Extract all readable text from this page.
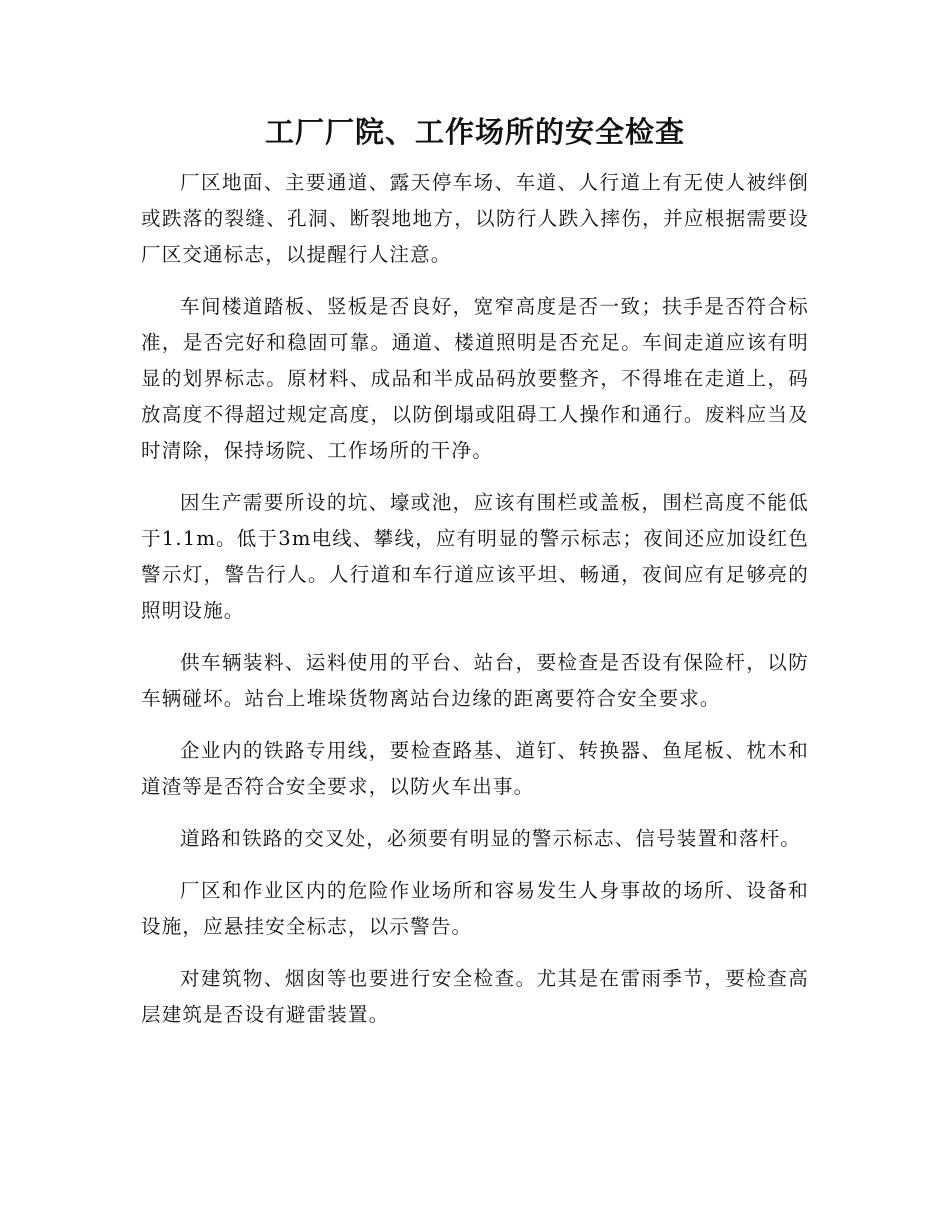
工厂厂院、工作场所的安全检查

厂区地面、主要通道、露天停车场、车道、人行道上有无使人被绊倒或跌落的裂缝、孔洞、断裂地地方，以防行人跌入摔伤，并应根据需要设厂区交通标志，以提醒行人注意。

车间楼道踏板、竖板是否良好，宽窄高度是否一致；扶手是否符合标准，是否完好和稳固可靠。通道、楼道照明是否充足。车间走道应该有明显的划界标志。原材料、成品和半成品码放要整齐，不得堆在走道上，码放高度不得超过规定高度，以防倒塌或阻碍工人操作和通行。废料应当及时清除，保持场院、工作场所的干净。

因生产需要所设的坑、壕或池，应该有围栏或盖板，围栏高度不能低于1.1m。低于3m电线、攀线，应有明显的警示标志；夜间还应加设红色警示灯，警告行人。人行道和车行道应该平坦、畅通，夜间应有足够亮的照明设施。

供车辆装料、运料使用的平台、站台，要检查是否设有保险杆，以防车辆碰坏。站台上堆垛货物离站台边缘的距离要符合安全要求。

企业内的铁路专用线，要检查路基、道钉、转换器、鱼尾板、枕木和道渣等是否符合安全要求，以防火车出事。

道路和铁路的交叉处，必须要有明显的警示标志、信号装置和落杆。

厂区和作业区内的危险作业场所和容易发生人身事故的场所、设备和设施，应悬挂安全标志，以示警告。

对建筑物、烟囱等也要进行安全检查。尤其是在雷雨季节，要检查高层建筑是否设有避雷装置。
